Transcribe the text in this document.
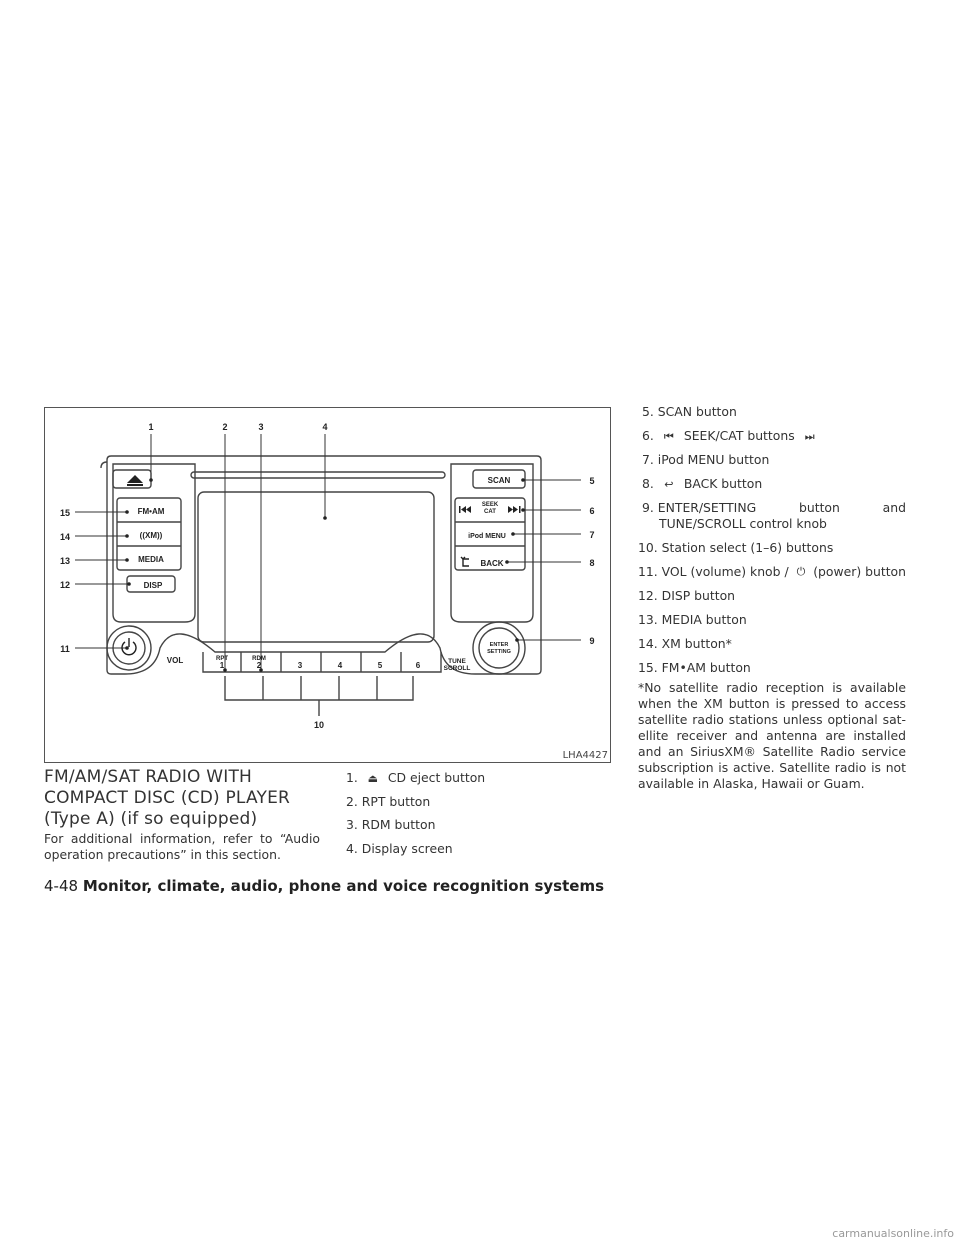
SCAN
FM•AM
((XM))
MEDIA
DISP
SEEK
CAT
iPod MENU
BACK
VOL
ENTER
SETTING
TUNE
SCROLL
RPT	RDM
1	2	3	4	5	6
1	2	3	4
5
6
7
8
9
10
11
12
13
14
15
LHA4427
FM/AM/SAT RADIO WITH COMPACT DISC (CD) PLAYER (Type A) (if so equipped)
For additional information, refer to “Audio operation precautions” in this section.
1. ⏏ CD eject button
2. RPT button
3. RDM button
4. Display screen
5. SCAN button
6. ⏮ SEEK/CAT buttons ⏭
7. iPod MENU button
8. ↩ BACK button
9. ENTER/SETTING	button	and
TUNE/SCROLL control knob
10. Station select (1–6) buttons
11. VOL (volume) knob / ⏻ (power) button
12. DISP button
13. MEDIA button
14. XM button*
15. FM•AM button
*No satellite radio reception is available when the XM button is pressed to access satellite radio stations unless optional sat-ellite receiver and antenna are installed and an SiriusXM® Satellite Radio service subscription is active. Satellite radio is not available in Alaska, Hawaii or Guam.
4-48 Monitor, climate, audio, phone and voice recognition systems
carmanualsonline.info
